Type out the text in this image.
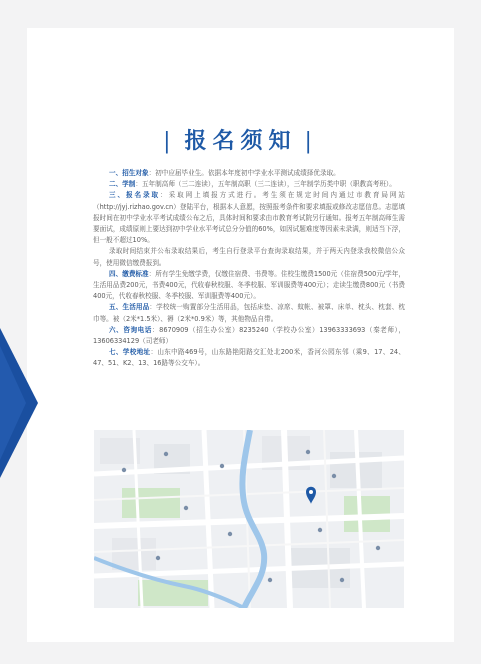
| 报名须知 |

一、招生对象：初中应届毕业生。依据本年度初中学业水平测试成绩择优录取。

二、学制：五年制高师（三二连读），五年制高职（三二连读），三年制学历类中职（职教高考班）。

三、报名录取：采取网上填报方式进行。考生须在规定时间内通过市教育局网站（http://jyj.rizhao.gov.cn）登陆平台，根据本人意愿，按照报考条件和要求填报或修改志愿信息。志愿填报时间在初中学业水平考试成绩公布之后，具体时间和要求由市教育考试院另行通知。报考五年制高师生需要面试，成绩原则上要达到初中学业水平考试总分分值的60%，如因试题难度等因素未录满，则适当下浮，但一般不超过10%。

录取时间结束并公布录取结果后，考生自行登录平台查询录取结果，并于两天内登录我校微信公众号，使用微信缴费报到。

四、缴费标准：所有学生免缴学费，仅缴住宿费、书费等。住校生缴费1500元（住宿费500元/学年，生活用品费200元，书费400元，代收春秋校服、冬季校服、军训服费等400元）；走读生缴费800元（书费400元，代收春秋校服、冬季校服、军训服费等400元）。

五、生活用品：学校统一购置部分生活用品，包括床垫、凉席、蚊帐、被罩、床单、枕头、枕套、枕巾等。被（2米*1.5米）、褥（2米*0.9米）等，其他物品自带。

六、咨询电话：8670909（招生办公室）8235240（学校办公室）13963333693（秦老师），13606334129（司老师）

七、学校地址：山东中路469号，山东路艳阳路交汇处北200米，香河公园东邻（乘9、17、24、47、51、K2、13、16路等公交车）。
